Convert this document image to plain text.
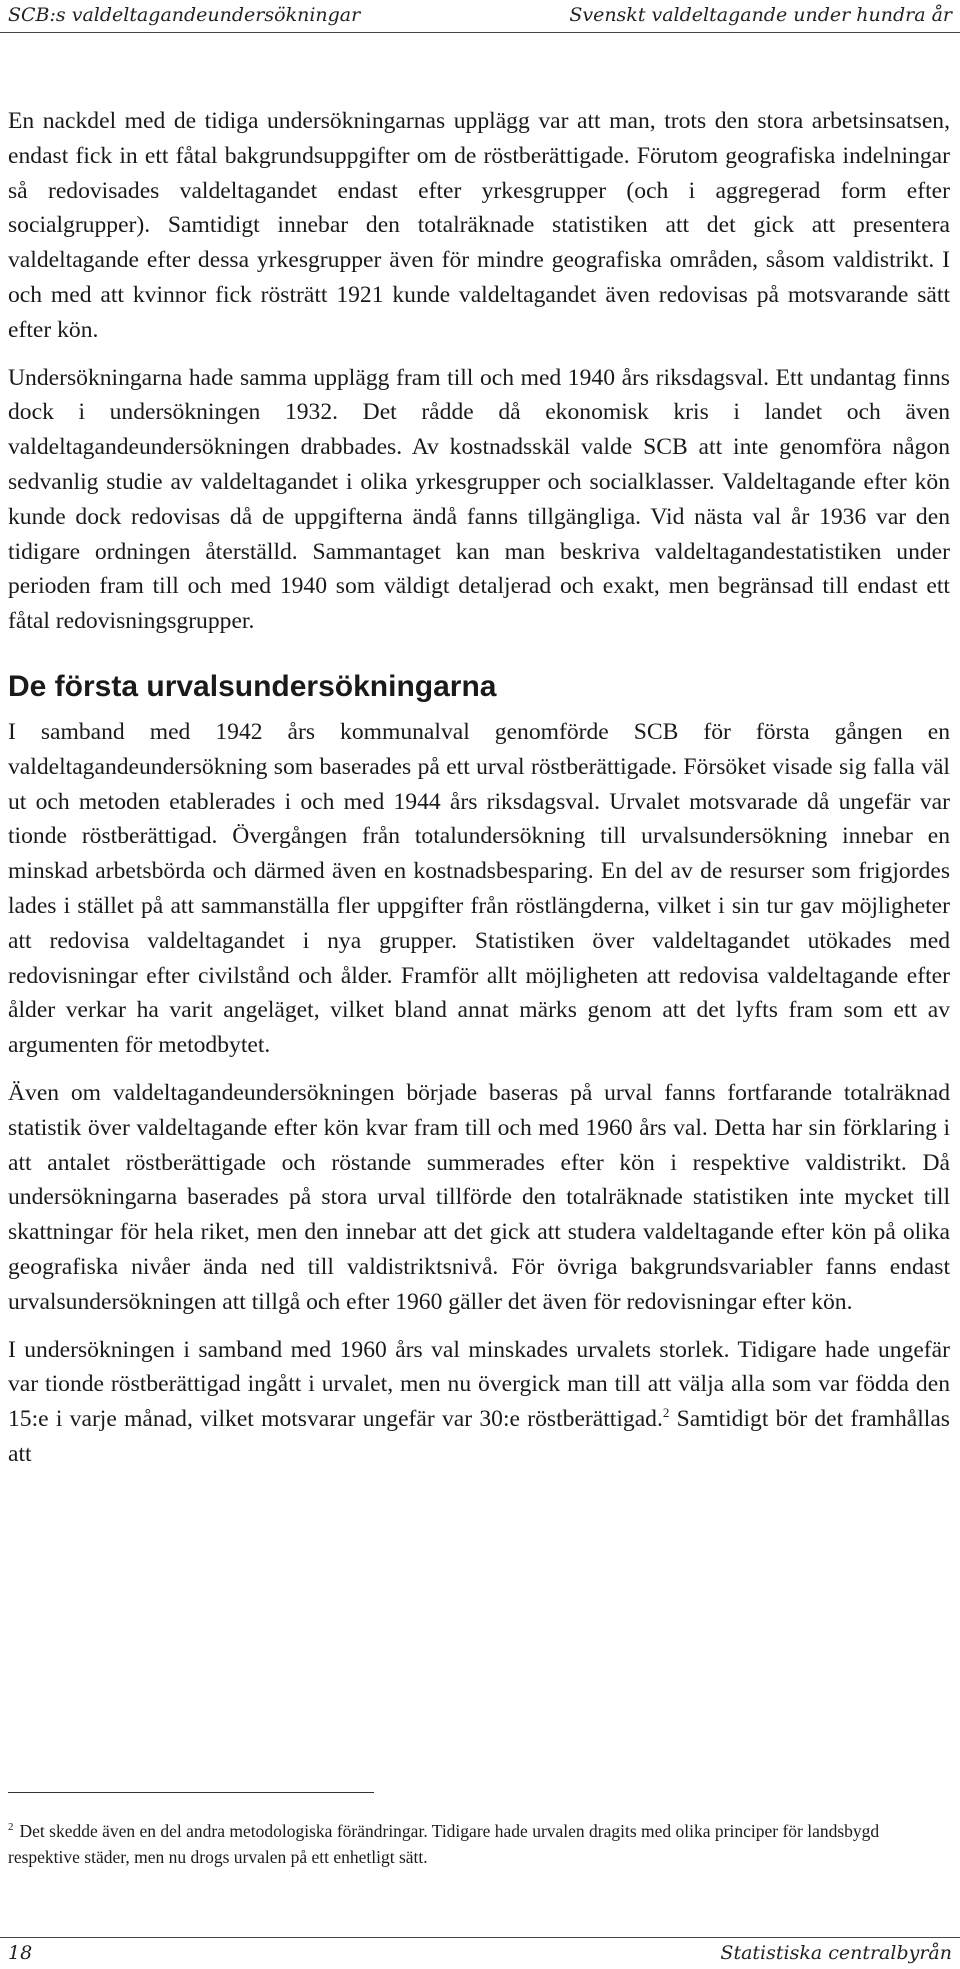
SCB:s valdeltagandeundersökningar	Svenskt valdeltagande under hundra år

En nackdel med de tidiga undersökningarnas upplägg var att man, trots den stora arbetsinsatsen, endast fick in ett fåtal bakgrundsuppgifter om de röstberättigade. Förutom geografiska indelningar så redovisades valdeltagandet endast efter yrkesgrupper (och i aggregerad form efter socialgrupper). Samtidigt innebar den totalräknade statistiken att det gick att presentera valdeltagande efter dessa yrkesgrupper även för mindre geografiska områden, såsom valdistrikt. I och med att kvinnor fick rösträtt 1921 kunde valdeltagandet även redovisas på motsvarande sätt efter kön.

Undersökningarna hade samma upplägg fram till och med 1940 års riksdagsval. Ett undantag finns dock i undersökningen 1932. Det rådde då ekonomisk kris i landet och även valdeltagandeundersökningen drabbades. Av kostnadsskäl valde SCB att inte genomföra någon sedvanlig studie av valdeltagandet i olika yrkesgrupper och socialklasser. Valdeltagande efter kön kunde dock redovisas då de uppgifterna ändå fanns tillgängliga. Vid nästa val år 1936 var den tidigare ordningen återställd. Sammantaget kan man beskriva valdeltagandestatistiken under perioden fram till och med 1940 som väldigt detaljerad och exakt, men begränsad till endast ett fåtal redovisningsgrupper.

De första urvalsundersökningarna

I samband med 1942 års kommunalval genomförde SCB för första gången en valdeltagandeundersökning som baserades på ett urval röstberättigade. Försöket visade sig falla väl ut och metoden etablerades i och med 1944 års riksdagsval. Urvalet motsvarade då ungefär var tionde röstberättigad. Övergången från totalundersökning till urvalsundersökning innebar en minskad arbetsbörda och därmed även en kostnadsbesparing. En del av de resurser som frigjordes lades i stället på att sammanställa fler uppgifter från röstlängderna, vilket i sin tur gav möjligheter att redovisa valdeltagandet i nya grupper. Statistiken över valdeltagandet utökades med redovisningar efter civilstånd och ålder. Framför allt möjligheten att redovisa valdeltagande efter ålder verkar ha varit angeläget, vilket bland annat märks genom att det lyfts fram som ett av argumenten för metodbytet.

Även om valdeltagandeundersökningen började baseras på urval fanns fortfarande totalräknad statistik över valdeltagande efter kön kvar fram till och med 1960 års val. Detta har sin förklaring i att antalet röstberättigade och röstande summerades efter kön i respektive valdistrikt. Då undersökningarna baserades på stora urval tillförde den totalräknade statistiken inte mycket till skattningar för hela riket, men den innebar att det gick att studera valdeltagande efter kön på olika geografiska nivåer ända ned till valdistriktsnivå. För övriga bakgrundsvariabler fanns endast urvalsundersökningen att tillgå och efter 1960 gäller det även för redovisningar efter kön.

I undersökningen i samband med 1960 års val minskades urvalets storlek. Tidigare hade ungefär var tionde röstberättigad ingått i urvalet, men nu övergick man till att välja alla som var födda den 15:e i varje månad, vilket motsvarar ungefär var 30:e röstberättigad.$^2$ Samtidigt bör det framhållas att

$^2$ Det skedde även en del andra metodologiska förändringar. Tidigare hade urvalen dragits med olika principer för landsbygd respektive städer, men nu drogs urvalen på ett enhetligt sätt.
18	Statistiska centralbyrån
